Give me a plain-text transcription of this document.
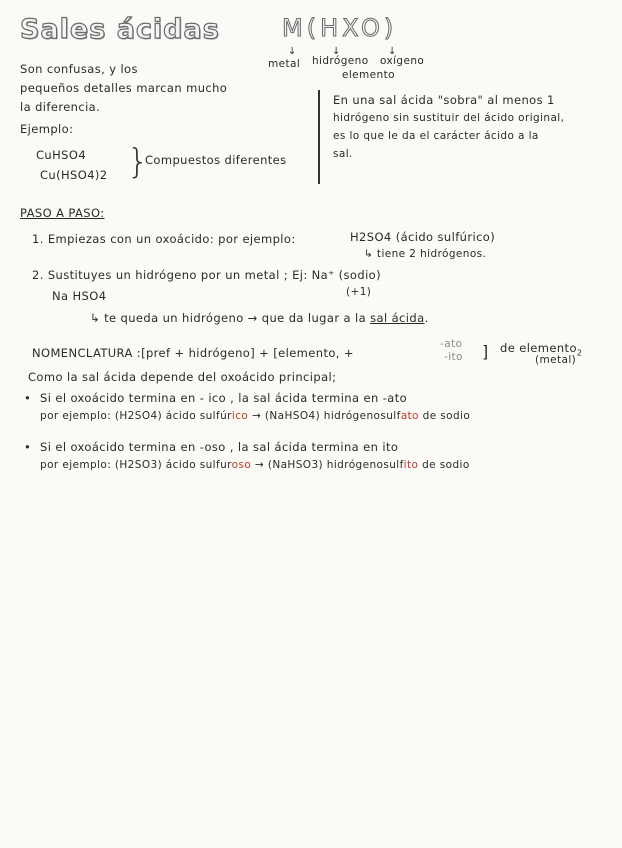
Sales ácidas	M(HXO)
↓	↓	↓
metal hidrógeno oxígeno
elemento
Son confusas, y los
pequeños detalles marcan mucho
la diferencia.
Ejemplo:
CuHSO4
Cu(HSO4)2 }
Compuestos diferentes
En una sal ácida "sobra" al menos 1
hidrógeno sin sustituir del ácido original,
es lo que le da el carácter ácido a la
sal.
PASO A PASO:
1. Empiezas con un oxoácido: por ejemplo:	H2SO4 (ácido sulfúrico)
↳ tiene 2 hidrógenos.
2. Sustituyes un hidrógeno por un metal ; Ej: Na⁺ (sodio)
(+1)
Na HSO4
↳ te queda un hidrógeno → que da lugar a la sal ácida.
NOMENCLATURA :[pref + hidrógeno] + [elemento, +
-ato
-ito ] de elemento$_2$
(metal)
Como la sal ácida depende del oxoácido principal;
• Si el oxoácido termina en - ico , la sal ácida termina en -ato
por ejemplo: (H2SO4) ácido sulfúrico → (NaHSO4) hidrógenosulfato de sodio
• Si el oxoácido termina en -oso , la sal ácida termina en ito
por ejemplo: (H2SO3) ácido sulfuroso → (NaHSO3) hidrógenosulfito de sodio
